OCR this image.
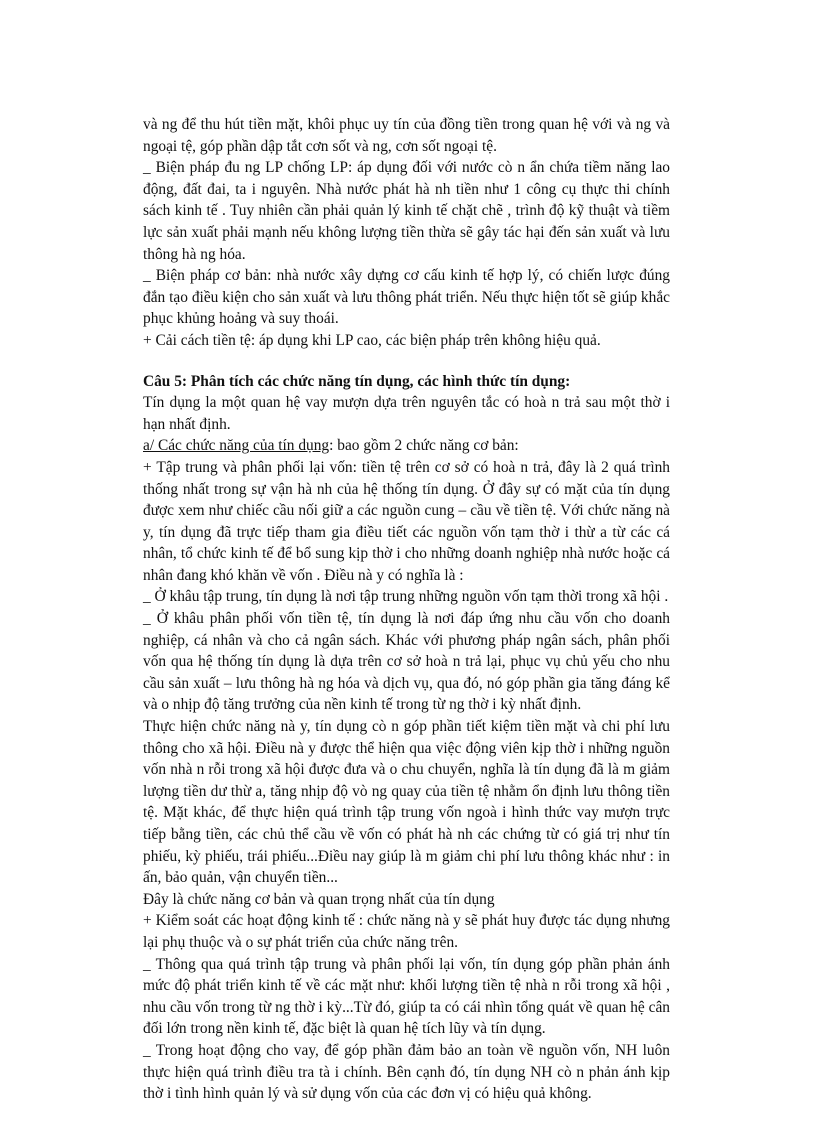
và ng để thu hút tiền mặt, khôi phục uy tín của đồng tiền trong quan hệ với và ng và ngoại tệ, góp phần dập tắt cơn sốt và ng, cơn sốt ngoại tệ.

_ Biện pháp đu ng LP chống LP: áp dụng đối với nước cò n ẩn chứa tiềm năng lao động, đất đai, ta i nguyên. Nhà nước phát hà nh tiền như 1 công cụ thực thi chính sách kinh tế . Tuy nhiên cần phải quản lý kinh tế chặt chẽ , trình độ kỹ thuật và tiềm lực sản xuất phải mạnh nếu không lượng tiền thừa sẽ gây tác hại đến sản xuất và lưu thông hà ng hóa.

_ Biện pháp cơ bản: nhà nước xây dựng cơ cấu kinh tế hợp lý, có chiến lược đúng đắn tạo điều kiện cho sản xuất và lưu thông phát triển. Nếu thực hiện tốt sẽ giúp khắc phục khủng hoảng và suy thoái.

+ Cải cách tiền tệ: áp dụng khi LP cao, các biện pháp trên không hiệu quả.

Câu 5: Phân tích các chức năng tín dụng, các hình thức tín dụng:

Tín dụng la một quan hệ vay mượn dựa trên nguyên tắc có hoà n trả sau một thờ i hạn nhất định.

a/ Các chức năng của tín dụng: bao gồm 2 chức năng cơ bản:

+ Tập trung và phân phối lại vốn: tiền tệ trên cơ sở có hoà n trả, đây là 2 quá trình thống nhất trong sự vận hà nh của hệ thống tín dụng. Ở đây sự có mặt của tín dụng được xem như chiếc cầu nối giữ a các nguồn cung – cầu về tiền tệ. Với chức năng nà y, tín dụng đã trực tiếp tham gia điều tiết các nguồn vốn tạm thờ i thừ a từ các cá nhân, tổ chức kinh tế để bổ sung kịp thờ i cho những doanh nghiệp nhà nước hoặc cá nhân đang khó khăn về vốn . Điều nà y có nghĩa là :

_ Ở khâu tập trung, tín dụng là nơi tập trung những nguồn vốn tạm thời trong xã hội .

_ Ở khâu phân phối vốn tiền tệ, tín dụng là nơi đáp ứng nhu cầu vốn cho doanh nghiệp, cá nhân và cho cả ngân sách. Khác với phương pháp ngân sách, phân phối vốn qua hệ thống tín dụng là dựa trên cơ sở hoà n trả lại, phục vụ chủ yếu cho nhu cầu sản xuất – lưu thông hà ng hóa và dịch vụ, qua đó, nó góp phần gia tăng đáng kể và o nhịp độ tăng trưởng của nền kinh tế trong từ ng thờ i kỳ nhất định.

Thực hiện chức năng nà y, tín dụng cò n góp phần tiết kiệm tiền mặt và chi phí lưu thông cho xã hội. Điều nà y được thể hiện qua việc động viên kịp thờ i những nguồn vốn nhà n rỗi trong xã hội được đưa và o chu chuyển, nghĩa là tín dụng đã là m giảm lượng tiền dư thừ a, tăng nhịp độ vò ng quay của tiền tệ nhằm ổn định lưu thông tiền tệ. Mặt khác, để thực hiện quá trình tập trung vốn ngoà i hình thức vay mượn trực tiếp bằng tiền, các chủ thể cầu về vốn có phát hà nh các chứng từ có giá trị như tín phiếu, kỳ phiếu, trái phiếu...Điều nay giúp là m giảm chi phí lưu thông khác như : in ấn, bảo quản, vận chuyển tiền...

Đây là chức năng cơ bản và quan trọng nhất của tín dụng

+ Kiểm soát các hoạt động kinh tế : chức năng nà y sẽ phát huy được tác dụng nhưng lại phụ thuộc và o sự phát triển của chức năng trên.

_ Thông qua quá trình tập trung và phân phối lại vốn, tín dụng góp phần phản ánh mức độ phát triển kinh tế về các mặt như: khối lượng tiền tệ nhà n rỗi trong xã hội , nhu cầu vốn trong từ ng thờ i kỳ...Từ đó, giúp ta có cái nhìn tổng quát về quan hệ cân đối lớn trong nền kinh tế, đặc biệt là quan hệ tích lũy và tín dụng.

_ Trong hoạt động cho vay, để góp phần đảm bảo an toàn về nguồn vốn, NH luôn thực hiện quá trình điều tra tà i chính. Bên cạnh đó, tín dụng NH cò n phản ánh kịp thờ i tình hình quản lý và sử dụng vốn của các đơn vị có hiệu quả không.
